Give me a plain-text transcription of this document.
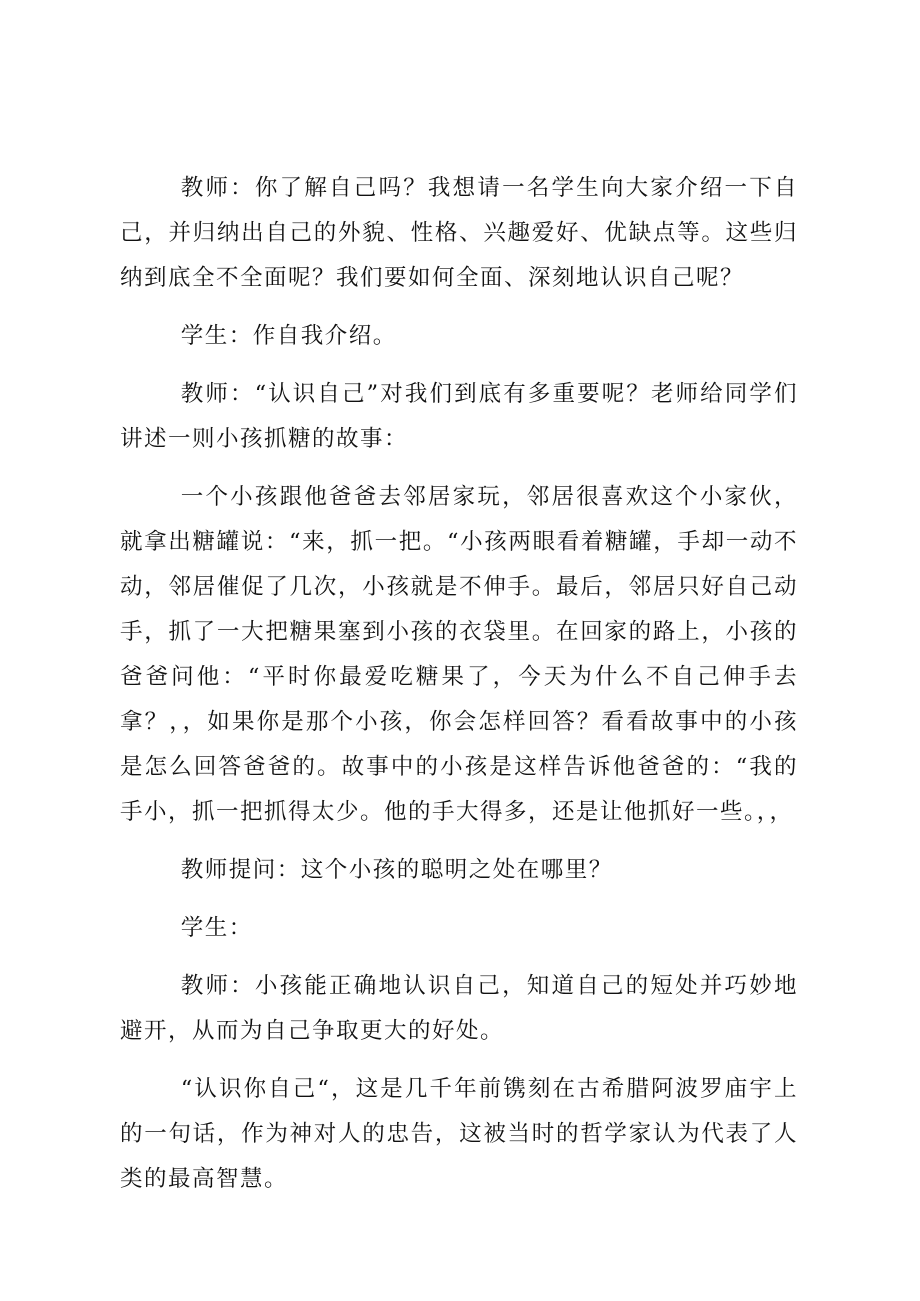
教师：你了解自己吗？我想请一名学生向大家介绍一下自己，并归纳出自己的外貌、性格、兴趣爱好、优缺点等。这些归纳到底全不全面呢？我们要如何全面、深刻地认识自己呢？

学生：作自我介绍。

教师：“认识自己”对我们到底有多重要呢？老师给同学们讲述一则小孩抓糖的故事：

一个小孩跟他爸爸去邻居家玩，邻居很喜欢这个小家伙，就拿出糖罐说：“来，抓一把。“小孩两眼看着糖罐，手却一动不动，邻居催促了几次，小孩就是不伸手。最后，邻居只好自己动手，抓了一大把糖果塞到小孩的衣袋里。在回家的路上，小孩的爸爸问他：“平时你最爱吃糖果了，今天为什么不自己伸手去拿？，，如果你是那个小孩，你会怎样回答？看看故事中的小孩是怎么回答爸爸的。故事中的小孩是这样告诉他爸爸的：“我的手小，抓一把抓得太少。他的手大得多，还是让他抓好一些。，，

教师提问：这个小孩的聪明之处在哪里？

学生：

教师：小孩能正确地认识自己，知道自己的短处并巧妙地避开，从而为自己争取更大的好处。

“认识你自己“，这是几千年前镌刻在古希腊阿波罗庙宇上的一句话，作为神对人的忠告，这被当时的哲学家认为代表了人类的最高智慧。
